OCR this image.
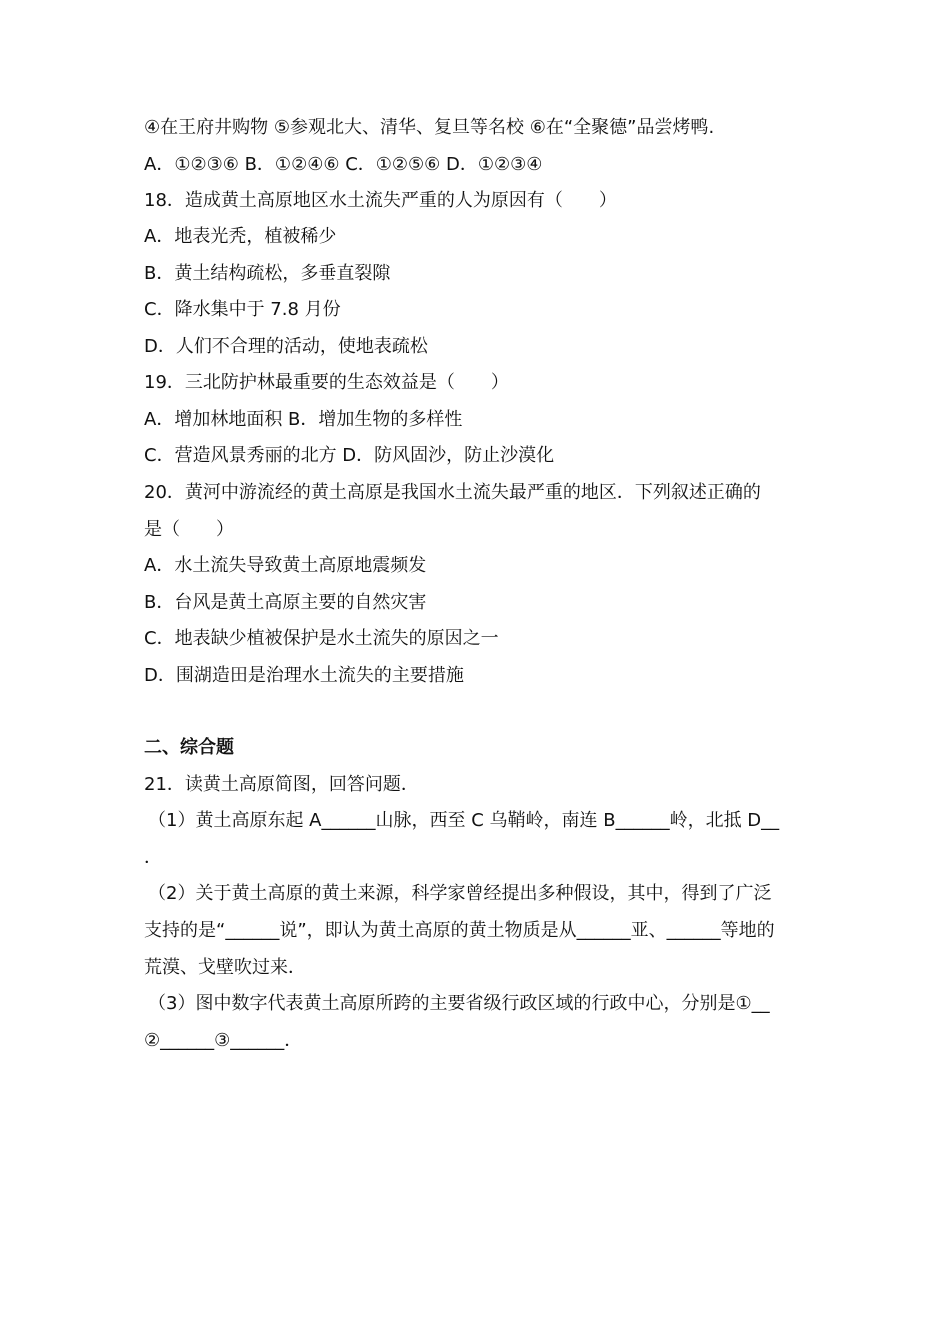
④在王府井购物 ⑤参观北大、清华、复旦等名校 ⑥在“全聚德”品尝烤鸭.
A．①②③⑥ B．①②④⑥ C．①②⑤⑥ D．①②③④
18．造成黄土高原地区水土流失严重的人为原因有（　　）
A．地表光秃，植被稀少
B．黄土结构疏松，多垂直裂隙
C．降水集中于 7.8 月份
D．人们不合理的活动，使地表疏松
19．三北防护林最重要的生态效益是（　　）
A．增加林地面积 B．增加生物的多样性
C．营造风景秀丽的北方 D．防风固沙，防止沙漠化
20．黄河中游流经的黄土高原是我国水土流失最严重的地区．下列叙述正确的
是（　　）
A．水土流失导致黄土高原地震频发
B．台风是黄土高原主要的自然灾害
C．地表缺少植被保护是水土流失的原因之一
D．围湖造田是治理水土流失的主要措施
二、综合题
21．读黄土高原简图，回答问题．
（1）黄土高原东起 A______山脉，西至 C 乌鞘岭，南连 B______岭，北抵 D__
．
（2）关于黄土高原的黄土来源，科学家曾经提出多种假设，其中，得到了广泛
支持的是“______说”，即认为黄土高原的黄土物质是从______亚、______等地的
荒漠、戈壁吹过来．
（3）图中数字代表黄土高原所跨的主要省级行政区域的行政中心，分别是①__
②______③______．
